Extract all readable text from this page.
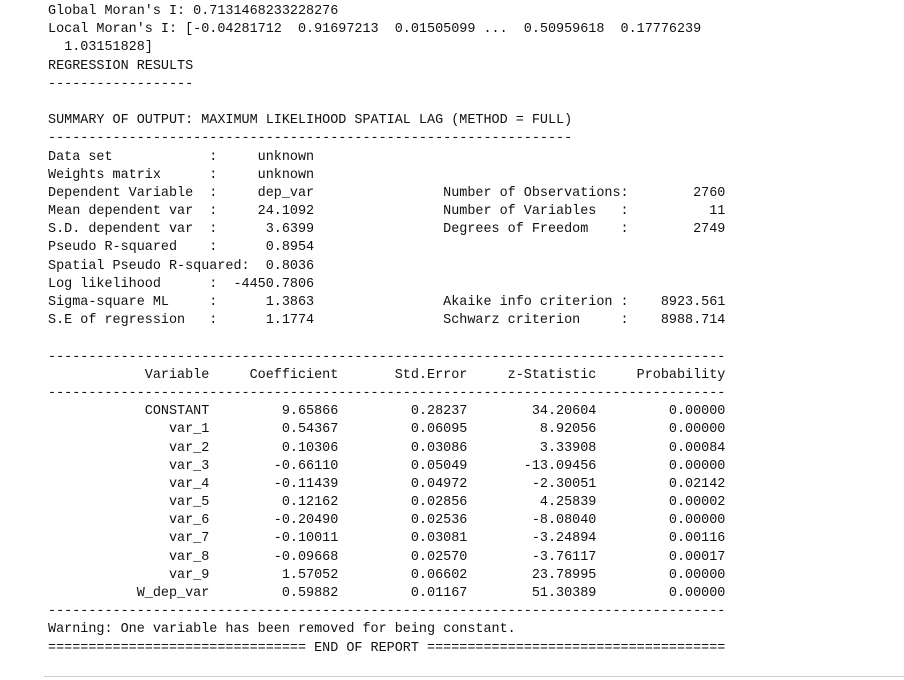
Global Moran's I: 0.7131468233228276
Local Moran's I: [-0.04281712  0.91697213  0.01505099 ...  0.50959618  0.17776239
1.03151828]
REGRESSION RESULTS
------------------
SUMMARY OF OUTPUT: MAXIMUM LIKELIHOOD SPATIAL LAG (METHOD = FULL)
-----------------------------------------------------------------
Data set            :     unknown
Weights matrix      :     unknown
Dependent Variable  :     dep_var                Number of Observations:        2760
Mean dependent var  :     24.1092                Number of Variables   :          11
S.D. dependent var  :      3.6399                Degrees of Freedom    :        2749
Pseudo R-squared    :      0.8954
Spatial Pseudo R-squared:  0.8036
Log likelihood      :  -4450.7806
Sigma-square ML     :      1.3863                Akaike info criterion :    8923.561
S.E of regression   :      1.1774                Schwarz criterion     :    8988.714
------------------------------------------------------------------------------------
Variable     Coefficient       Std.Error     z-Statistic     Probability
------------------------------------------------------------------------------------
CONSTANT         9.65866         0.28237        34.20604         0.00000
var_1         0.54367         0.06095         8.92056         0.00000
var_2         0.10306         0.03086         3.33908         0.00084
var_3        -0.66110         0.05049       -13.09456         0.00000
var_4        -0.11439         0.04972        -2.30051         0.02142
var_5         0.12162         0.02856         4.25839         0.00002
var_6        -0.20490         0.02536        -8.08040         0.00000
var_7        -0.10011         0.03081        -3.24894         0.00116
var_8        -0.09668         0.02570        -3.76117         0.00017
var_9         1.57052         0.06602        23.78995         0.00000
W_dep_var         0.59882         0.01167        51.30389         0.00000
------------------------------------------------------------------------------------
Warning: One variable has been removed for being constant.
================================ END OF REPORT =====================================
